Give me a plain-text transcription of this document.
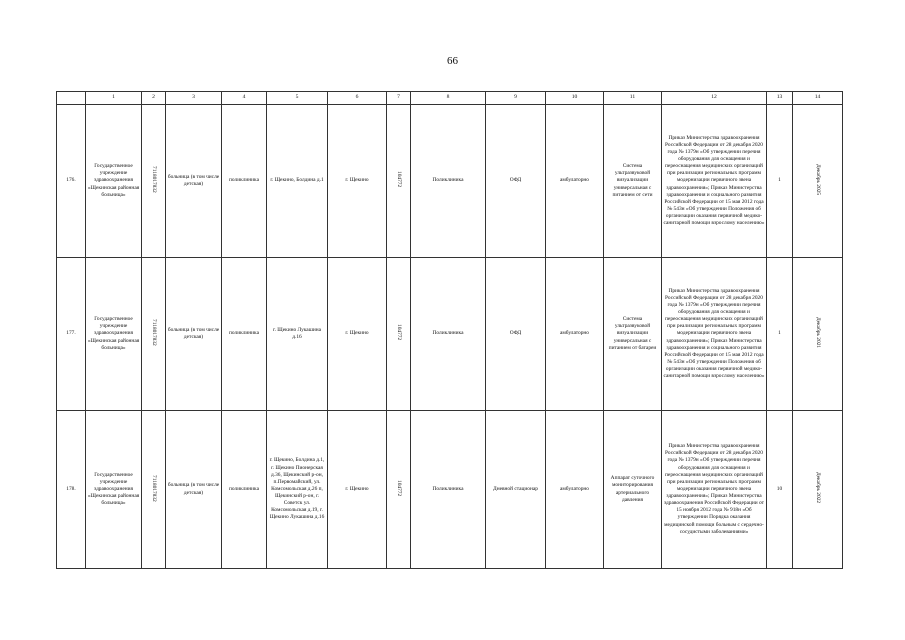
66
	1	2	3	4	5	6	7	8	9	10	11	12	13	14
176.	Государственное учреждение здравоохранения «Щекинская районная больница»	7118017832	больница (в том числе детская)	поликлиника	г. Щекино, Болдина д.1	г. Щекино	104772	Поликлиника	ОФД	амбулаторно	Система ультразвуковой визуализации универсальная с питанием от сети	Приказ Министерства здравоохранения Российской Федерации от 28 декабря 2020 года № 1379н «Об утверждении перечня оборудования для оснащения и переоснащения медицинских организаций при реализации региональных программ модернизации первичного звена здравоохранения»; Приказ Министерства здравоохранения и социального развития Российской Федерации от 15 мая 2012 года № 543н «Об утверждении Положения об организации оказания первичной медико-санитарной помощи взрослому населению»	1	Декабрь 2025
177.	Государственное учреждение здравоохранения «Щекинская районная больница»	7118017832	больница (в том числе детская)	поликлиника	г. Щекино Лукашина д.16	г. Щекино	104772	Поликлиника	ОФД	амбулаторно	Система ультразвуковой визуализации универсальная с питанием от батареи	Приказ Министерства здравоохранения Российской Федерации от 28 декабря 2020 года № 1379н «Об утверждении перечня оборудования для оснащения и переоснащения медицинских организаций при реализации региональных программ модернизации первичного звена здравоохранения»; Приказ Министерства здравоохранения и социального развития Российской Федерации от 15 мая 2012 года № 543н «Об утверждении Положения об организации оказания первичной медико-санитарной помощи взрослому населению»	1	Декабрь 2021
178.	Государственное учреждение здравоохранения «Щекинская районная больница»	7118017832	больница (в том числе детская)	поликлиника	г. Щекино, Болдина д.1, г. Щекино Пионерская д.36, Щекинский р-он, п.Первомайский, ул. Комсомольская д.26 п, Щекинский р-он, г. Советск ул. Комсомольская д.19, г. Щекино Лукашина д.16	г. Щекино	104772	Поликлиника	Дневной стационар	амбулаторно	Аппарат суточного мониторирования артериального давления	Приказ Министерства здравоохранения Российской Федерации от 28 декабря 2020 года № 1379н «Об утверждении перечня оборудования для оснащения и переоснащения медицинских организаций при реализации региональных программ модернизации первичного звена здравоохранения»; Приказ Министерства здравоохранения Российской Федерации от 15 ноября 2012 года № 918н «Об утверждении Порядка оказания медицинской помощи больным с сердечно-сосудистыми заболеваниями»	10	Декабрь 2022
